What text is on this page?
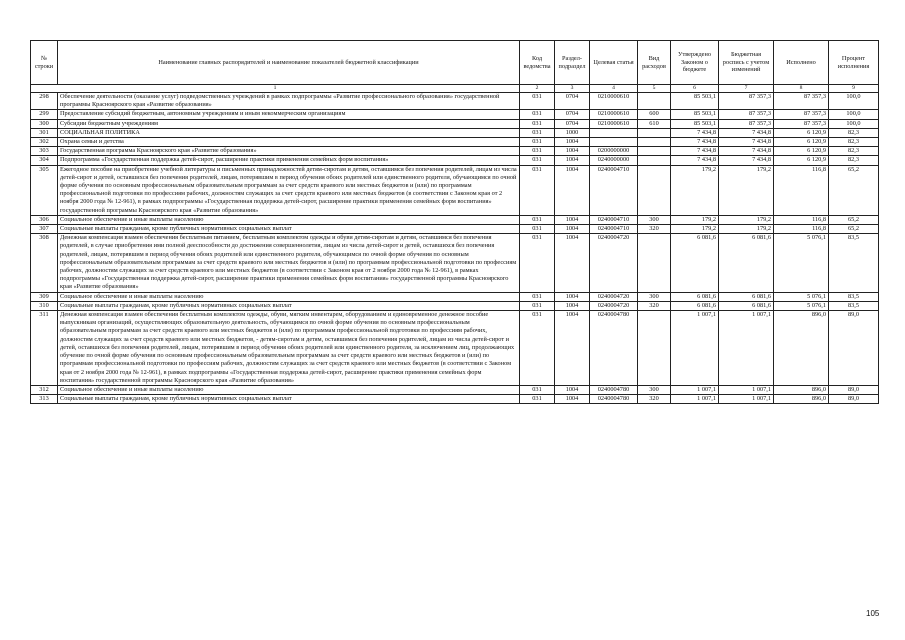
№ строки	Наименование главных распорядителей и наименование показателей бюджетной классификации	Код ведомства	Раздел-подраздел	Целевая статья	Вид расходов	Утверждено Законом о бюджете	Бюджетная роспись с учетом изменений	Исполнено	Процент исполнения
1		2	3	4	5	6	7	8	9
298	Обеспечение деятельности (оказание услуг) подведомственных учреждений в рамках подпрограммы «Развитие профессионального образования» государственной программы Красноярского края «Развитие образования»	031	0704	0210000610		85 503,1	87 357,3	87 357,3	100,0
299	Предоставление субсидий бюджетным, автономным учреждениям и иным некоммерческим организациям	031	0704	0210000610	600	85 503,1	87 357,3	87 357,3	100,0
300	Субсидии бюджетным учреждениям	031	0704	0210000610	610	85 503,1	87 357,3	87 357,3	100,0
301	СОЦИАЛЬНАЯ ПОЛИТИКА	031	1000			7 434,8	7 434,8	6 120,9	82,3
302	Охрана семьи и детства	031	1004			7 434,8	7 434,8	6 120,9	82,3
303	Государственная программа Красноярского края «Развитие образования»	031	1004	0200000000		7 434,8	7 434,8	6 120,9	82,3
304	Подпрограмма «Государственная поддержка детей-сирот, расширение практики применения семейных форм воспитания»	031	1004	0240000000		7 434,8	7 434,8	6 120,9	82,3
305	Ежегодное пособие на приобретение учебной литературы и письменных принадлежностей детям-сиротам и детям, оставшимся без попечения родителей, лицам из числа детей-сирот и детей, оставшихся без попечения родителей, лицам, потерявшим в период обучения обоих родителей или единственного родителя, обучающимся по очной форме обучения по основным профессиональным образовательным программам за счет средств краевого или местных бюджетов и (или) по программам профессиональной подготовки по профессиям рабочих, должностям служащих за счет средств краевого или местных бюджетов (в соответствии с Законом края от 2 ноября 2000 года № 12-961), в рамках подпрограммы «Государственная поддержка детей-сирот, расширение практики применения семейных форм воспитания» государственной программы Красноярского края «Развитие образования»	031	1004	0240004710		179,2	179,2	116,8	65,2
306	Социальное обеспечение и иные выплаты населению	031	1004	0240004710	300	179,2	179,2	116,8	65,2
307	Социальные выплаты гражданам, кроме публичных нормативных социальных выплат	031	1004	0240004710	320	179,2	179,2	116,8	65,2
308	Денежная компенсация взамен обеспечения бесплатным питанием, бесплатным комплектом одежды и обуви детям-сиротам и детям, оставшимся без попечения родителей, в случае приобретения ими полной дееспособности до достижения совершеннолетия, лицам из числа детей-сирот и детей, оставшихся без попечения родителей, лицам, потерявшим в период обучения обоих родителей или единственного родителя, обучающимся по очной форме обучения по основным профессиональным образовательным программам за счет средств краевого или местных бюджетов и (или) по программам профессиональной подготовки по профессиям рабочих, должностям служащих за счет средств краевого или местных бюджетов (в соответствии с Законом края от 2 ноября 2000 года № 12-961), в рамках подпрограммы «Государственная поддержка детей-сирот, расширение практики применения семейных форм воспитания» государственной программы Красноярского края «Развитие образования»	031	1004	0240004720		6 081,6	6 081,6	5 076,1	83,5
309	Социальное обеспечение и иные выплаты населению	031	1004	0240004720	300	6 081,6	6 081,6	5 076,1	83,5
310	Социальные выплаты гражданам, кроме публичных нормативных социальных выплат	031	1004	0240004720	320	6 081,6	6 081,6	5 076,1	83,5
311	Денежная компенсация взамен обеспечения бесплатным комплектом одежды, обуви, мягким инвентарем, оборудованием и единовременное денежное пособие выпускникам организаций, осуществляющих образовательную деятельность, обучающимся по очной форме обучения по основным профессиональным образовательным программам за счет средств краевого или местных бюджетов и (или) по программам профессиональной подготовки по профессиям рабочих, должностям служащих за счет средств краевого или местных бюджетов, - детям-сиротам и детям, оставшимся без попечения родителей, лицам из числа детей-сирот и детей, оставшихся без попечения родителей, лицам, потерявшим в период обучения обоих родителей или единственного родителя, за исключением лиц, продолжающих обучение по очной форме обучения по основным профессиональным образовательным программам за счет средств краевого или местных бюджетов и (или) по программам профессиональной подготовки по профессиям рабочих, должностям служащих за счет средств краевого или местных бюджетов (в соответствии с Законом края от 2 ноября 2000 года № 12-961), в рамках подпрограммы «Государственная поддержка детей-сирот, расширение практики применения семейных форм воспитания» государственной программы Красноярского края «Развитие образования»	031	1004	0240004780		1 007,1	1 007,1	896,0	89,0
312	Социальное обеспечение и иные выплаты населению	031	1004	0240004780	300	1 007,1	1 007,1	896,0	89,0
313	Социальные выплаты гражданам, кроме публичных нормативных социальных выплат	031	1004	0240004780	320	1 007,1	1 007,1	896,0	89,0
105
